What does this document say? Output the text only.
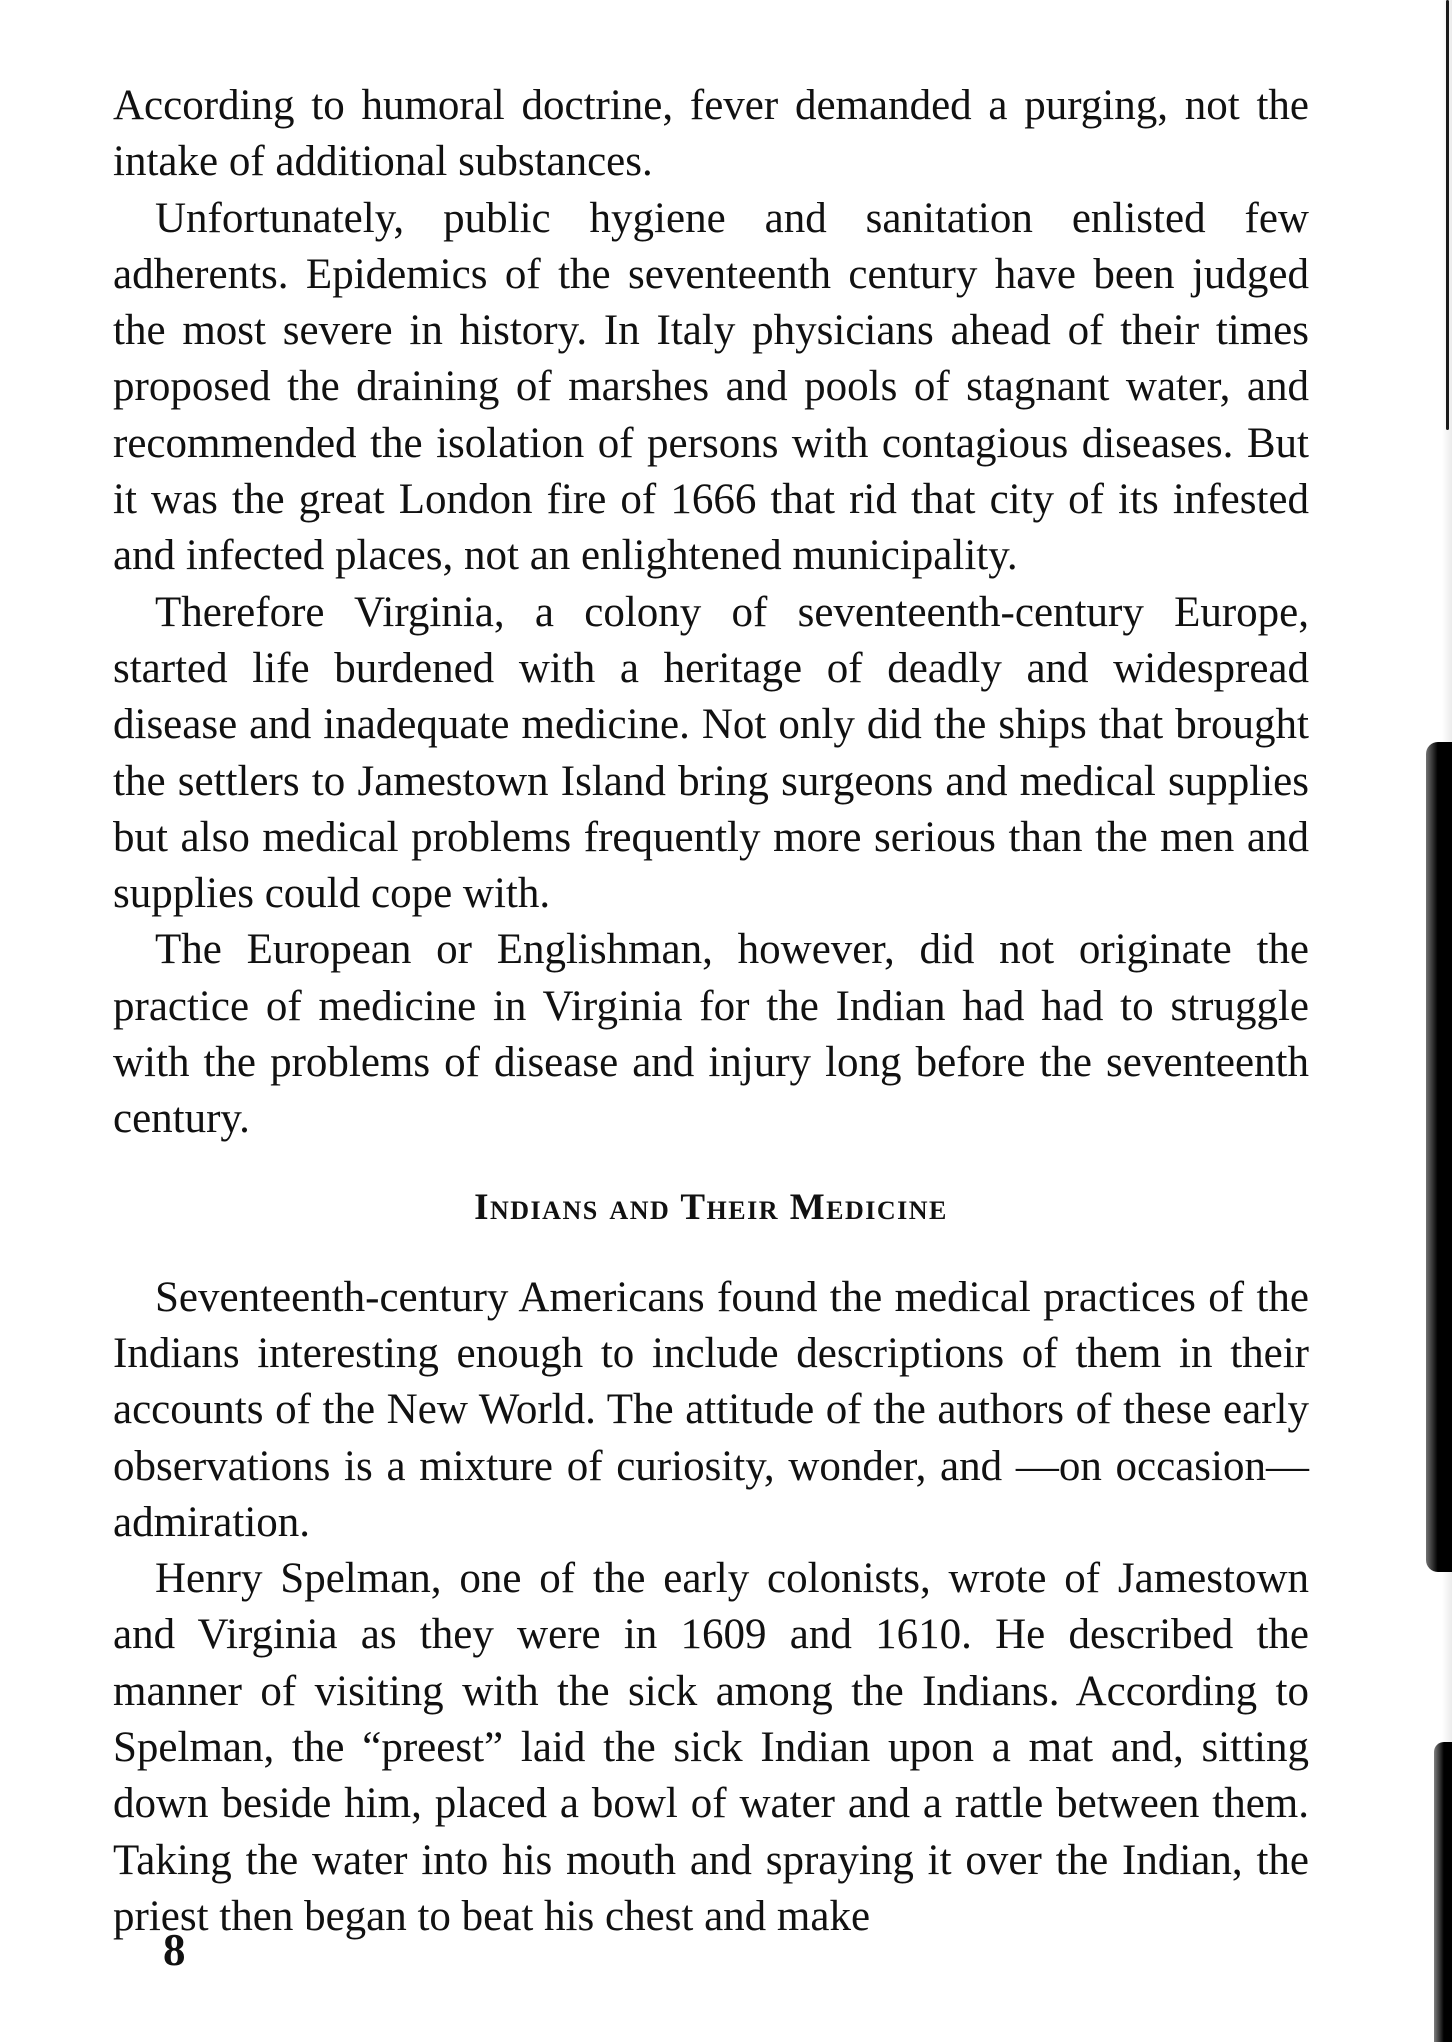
According to humoral doctrine, fever demanded a purging, not the intake of additional substances.

Unfortunately, public hygiene and sanitation enlisted few adherents. Epidemics of the seventeenth century have been judged the most severe in history. In Italy physicians ahead of their times proposed the draining of marshes and pools of stagnant water, and recommended the isolation of persons with contagious diseases. But it was the great London fire of 1666 that rid that city of its infested and infected places, not an enlightened municipality.

Therefore Virginia, a colony of seventeenth-century Europe, started life burdened with a heritage of deadly and widespread disease and inadequate medicine. Not only did the ships that brought the settlers to Jamestown Island bring surgeons and medical supplies but also medical problems frequently more serious than the men and supplies could cope with.

The European or Englishman, however, did not originate the practice of medicine in Virginia for the Indian had had to struggle with the problems of disease and injury long before the seventeenth century.

Indians and Their Medicine

Seventeenth-century Americans found the medical practices of the Indians interesting enough to include descriptions of them in their accounts of the New World. The attitude of the authors of these early observations is a mixture of curiosity, wonder, and —on occasion—admiration.

Henry Spelman, one of the early colonists, wrote of Jamestown and Virginia as they were in 1609 and 1610. He described the manner of visiting with the sick among the Indians. According to Spelman, the “preest” laid the sick Indian upon a mat and, sitting down beside him, placed a bowl of water and a rattle between them. Taking the water into his mouth and spraying it over the Indian, the priest then began to beat his chest and make

8
